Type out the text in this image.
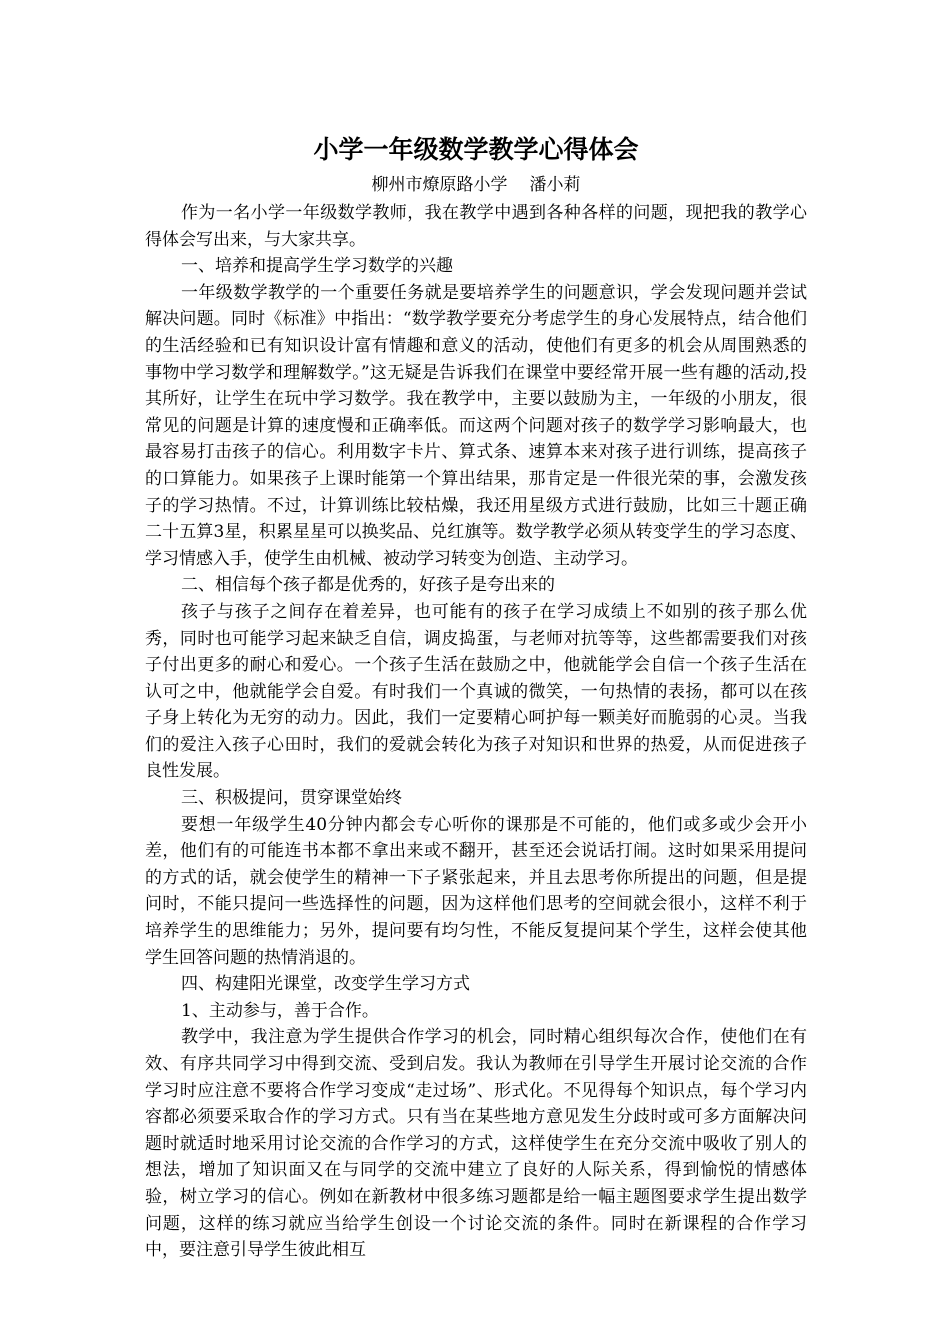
小学一年级数学教学心得体会

柳州市燎原路小学 潘小莉

作为一名小学一年级数学教师，我在教学中遇到各种各样的问题，现把我的教学心得体会写出来，与大家共享。

一、培养和提高学生学习数学的兴趣

一年级数学教学的一个重要任务就是要培养学生的问题意识，学会发现问题并尝试解决问题。同时《标准》中指出：“数学教学要充分考虑学生的身心发展特点，结合他们的生活经验和已有知识设计富有情趣和意义的活动，使他们有更多的机会从周围熟悉的事物中学习数学和理解数学。”这无疑是告诉我们在课堂中要经常开展一些有趣的活动,投其所好，让学生在玩中学习数学。我在教学中，主要以鼓励为主，一年级的小朋友，很常见的问题是计算的速度慢和正确率低。而这两个问题对孩子的数学学习影响最大，也最容易打击孩子的信心。利用数字卡片、算式条、速算本来对孩子进行训练，提高孩子的口算能力。如果孩子上课时能第一个算出结果，那肯定是一件很光荣的事，会激发孩子的学习热情。不过，计算训练比较枯燥，我还用星级方式进行鼓励，比如三十题正确二十五算3星，积累星星可以换奖品、兑红旗等。数学教学必须从转变学生的学习态度、学习情感入手，使学生由机械、被动学习转变为创造、主动学习。

二、相信每个孩子都是优秀的，好孩子是夸出来的

孩子与孩子之间存在着差异，也可能有的孩子在学习成绩上不如别的孩子那么优秀，同时也可能学习起来缺乏自信，调皮捣蛋，与老师对抗等等，这些都需要我们对孩子付出更多的耐心和爱心。一个孩子生活在鼓励之中，他就能学会自信一个孩子生活在认可之中，他就能学会自爱。有时我们一个真诚的微笑，一句热情的表扬，都可以在孩子身上转化为无穷的动力。因此，我们一定要精心呵护每一颗美好而脆弱的心灵。当我们的爱注入孩子心田时，我们的爱就会转化为孩子对知识和世界的热爱，从而促进孩子良性发展。

三、积极提问，贯穿课堂始终

要想一年级学生40分钟内都会专心听你的课那是不可能的，他们或多或少会开小差，他们有的可能连书本都不拿出来或不翻开，甚至还会说话打闹。这时如果采用提问的方式的话，就会使学生的精神一下子紧张起来，并且去思考你所提出的问题，但是提问时，不能只提问一些选择性的问题，因为这样他们思考的空间就会很小，这样不利于培养学生的思维能力；另外，提问要有均匀性，不能反复提问某个学生，这样会使其他学生回答问题的热情消退的。

四、构建阳光课堂，改变学生学习方式

1、主动参与，善于合作。

教学中，我注意为学生提供合作学习的机会，同时精心组织每次合作，使他们在有效、有序共同学习中得到交流、受到启发。我认为教师在引导学生开展讨论交流的合作学习时应注意不要将合作学习变成“走过场”、形式化。不见得每个知识点，每个学习内容都必须要采取合作的学习方式。只有当在某些地方意见发生分歧时或可多方面解决问题时就适时地采用讨论交流的合作学习的方式，这样使学生在充分交流中吸收了别人的想法，增加了知识面又在与同学的交流中建立了良好的人际关系，得到愉悦的情感体验，树立学习的信心。例如在新教材中很多练习题都是给一幅主题图要求学生提出数学问题，这样的练习就应当给学生创设一个讨论交流的条件。同时在新课程的合作学习中，要注意引导学生彼此相互
